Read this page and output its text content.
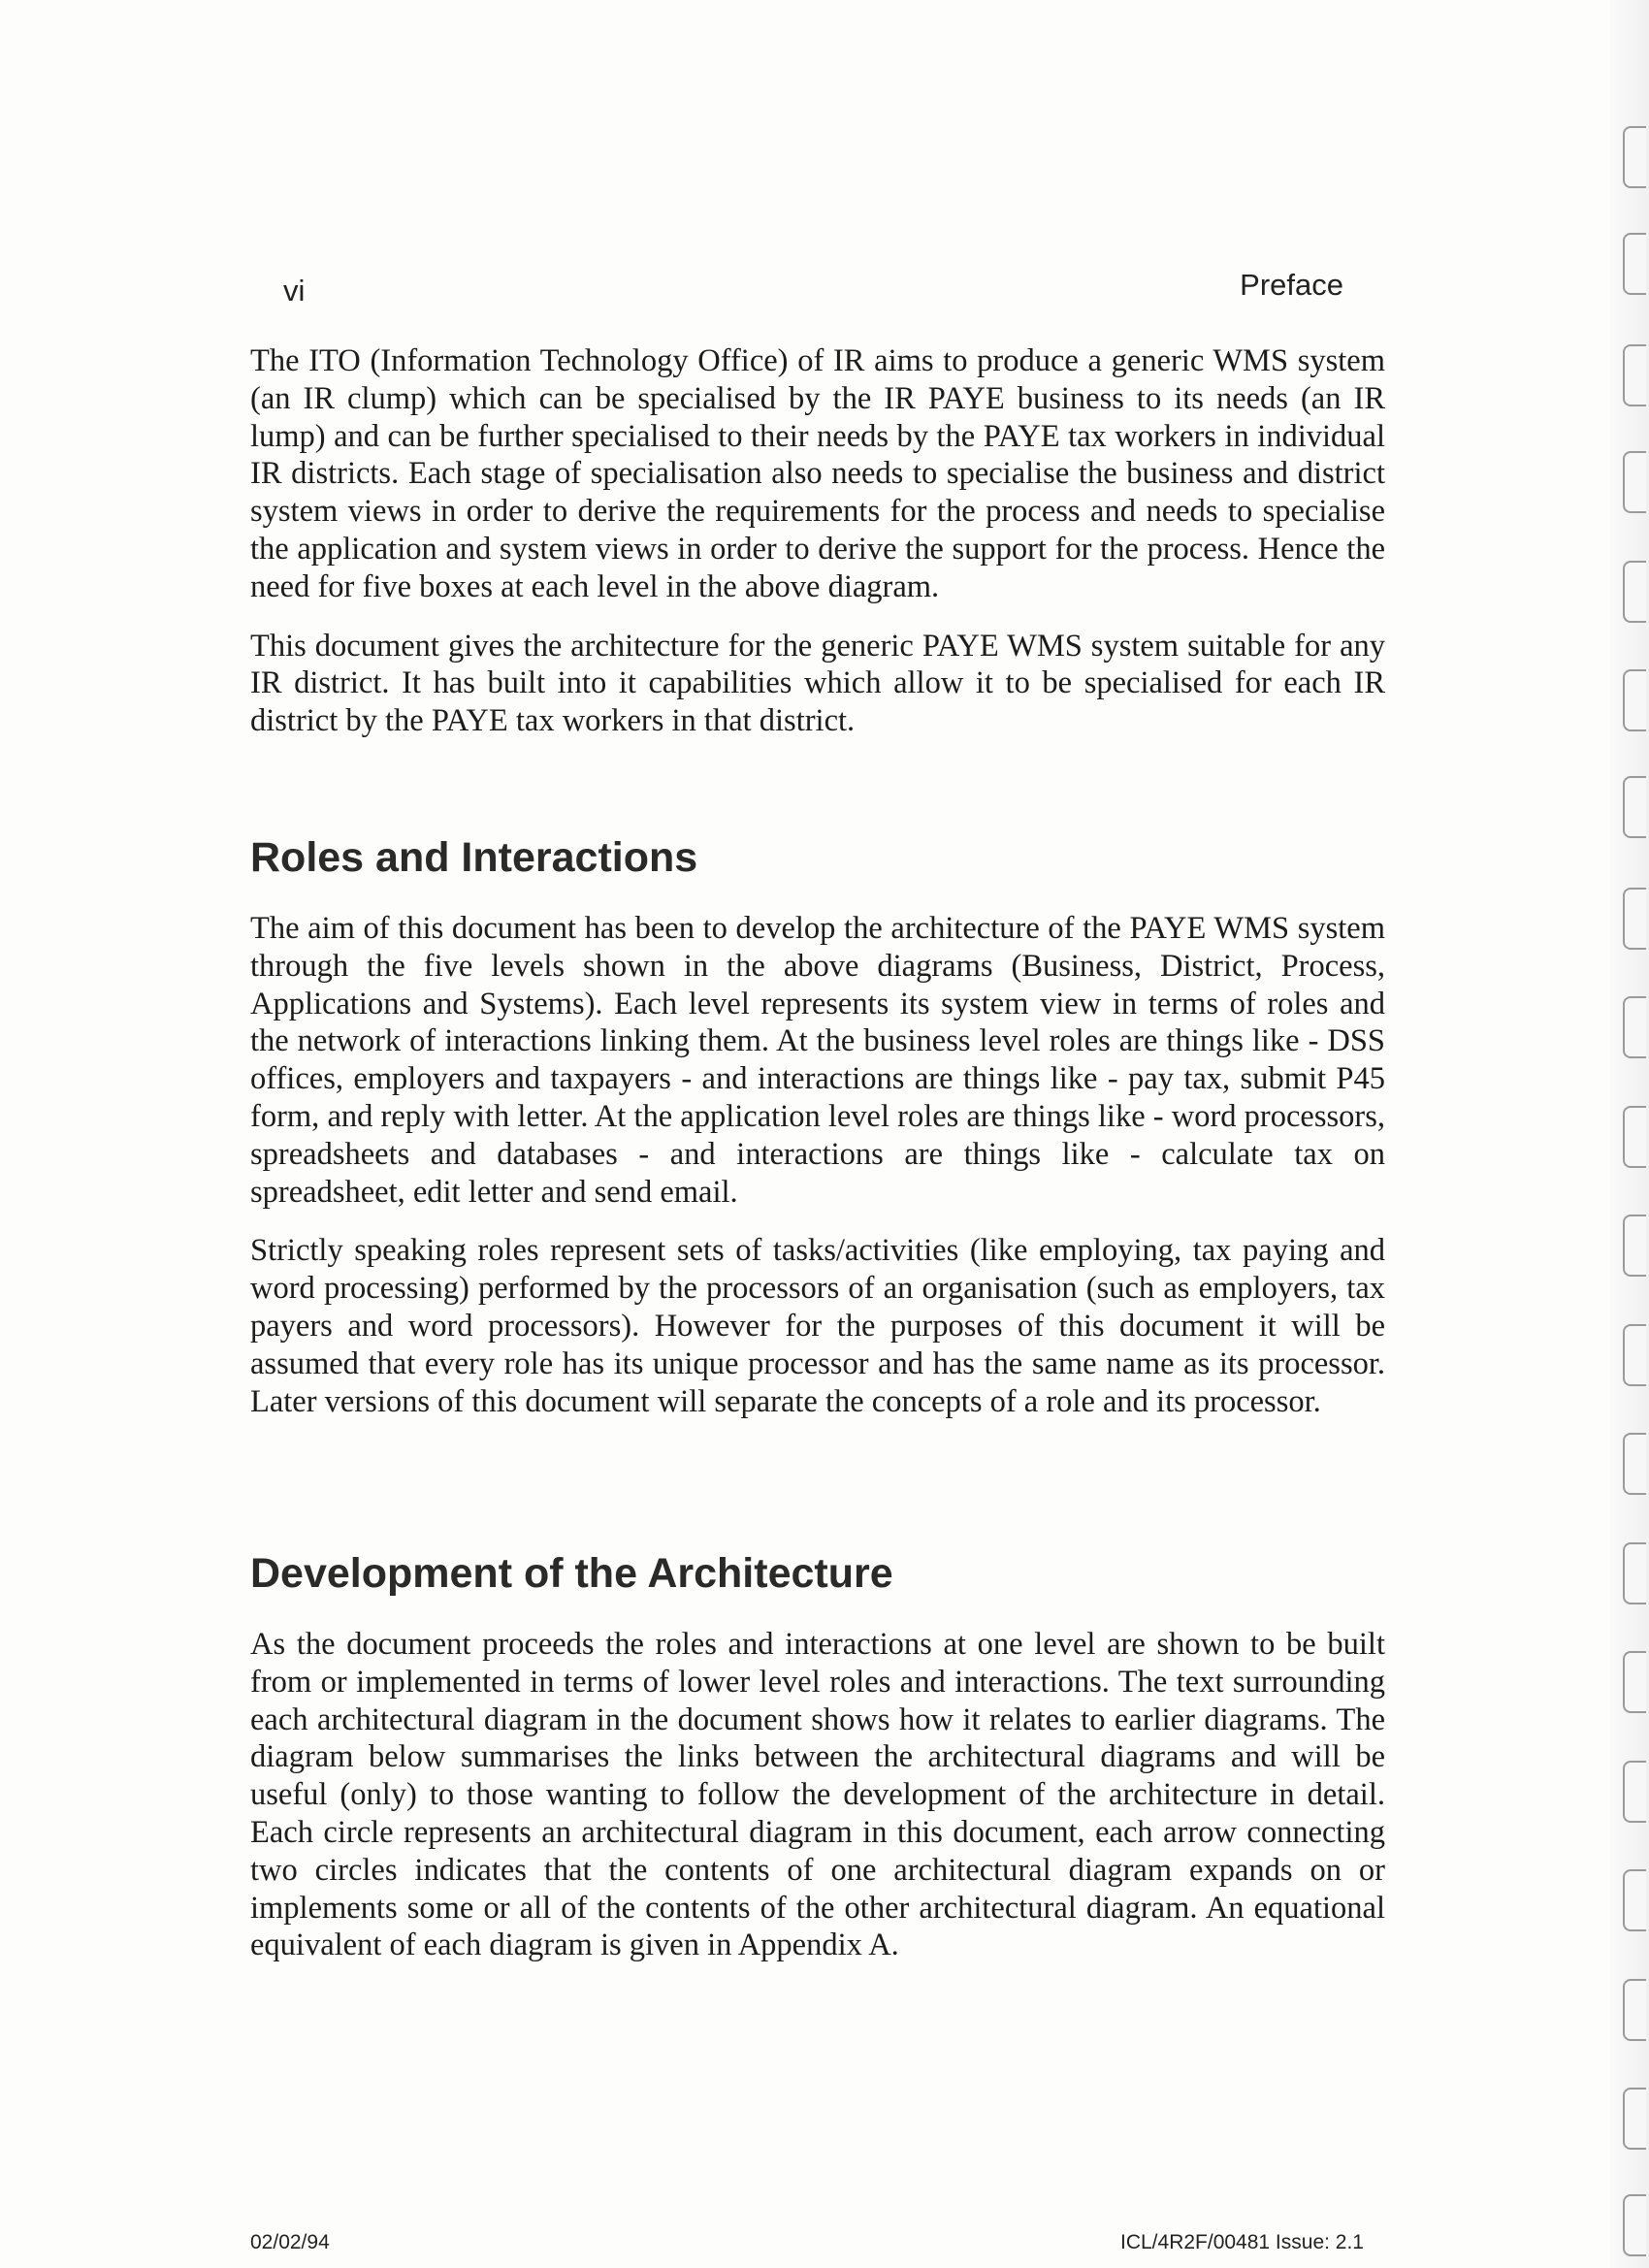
vi	Preface

The ITO (Information Technology Office) of IR aims to produce a generic WMS system (an IR clump) which can be specialised by the IR PAYE business to its needs (an IR lump) and can be further specialised to their needs by the PAYE tax workers in individual IR districts. Each stage of specialisation also needs to specialise the business and district system views in order to derive the requirements for the process and needs to specialise the application and system views in order to derive the support for the process. Hence the need for five boxes at each level in the above diagram.

This document gives the architecture for the generic PAYE WMS system suitable for any IR district. It has built into it capabilities which allow it to be specialised for each IR district by the PAYE tax workers in that district.

Roles and Interactions

The aim of this document has been to develop the architecture of the PAYE WMS system through the five levels shown in the above diagrams (Business, District, Process, Applications and Systems). Each level represents its system view in terms of roles and the network of interactions linking them. At the business level roles are things like - DSS offices, employers and taxpayers - and interactions are things like - pay tax, submit P45 form, and reply with letter. At the application level roles are things like - word processors, spreadsheets and databases - and interactions are things like - calculate tax on spreadsheet, edit letter and send email.

Strictly speaking roles represent sets of tasks/activities (like employing, tax paying and word processing) performed by the processors of an organisation (such as employers, tax payers and word processors). However for the purposes of this document it will be assumed that every role has its unique processor and has the same name as its processor. Later versions of this document will separate the concepts of a role and its processor.

Development of the Architecture

As the document proceeds the roles and interactions at one level are shown to be built from or implemented in terms of lower level roles and interactions. The text surrounding each architectural diagram in the document shows how it relates to earlier diagrams. The diagram below summarises the links between the architectural diagrams and will be useful (only) to those wanting to follow the development of the architecture in detail. Each circle represents an architectural diagram in this document, each arrow connecting two circles indicates that the contents of one architectural diagram expands on or implements some or all of the contents of the other architectural diagram. An equational equivalent of each diagram is given in Appendix A.

02/02/94	ICL/4R2F/00481 Issue: 2.1
